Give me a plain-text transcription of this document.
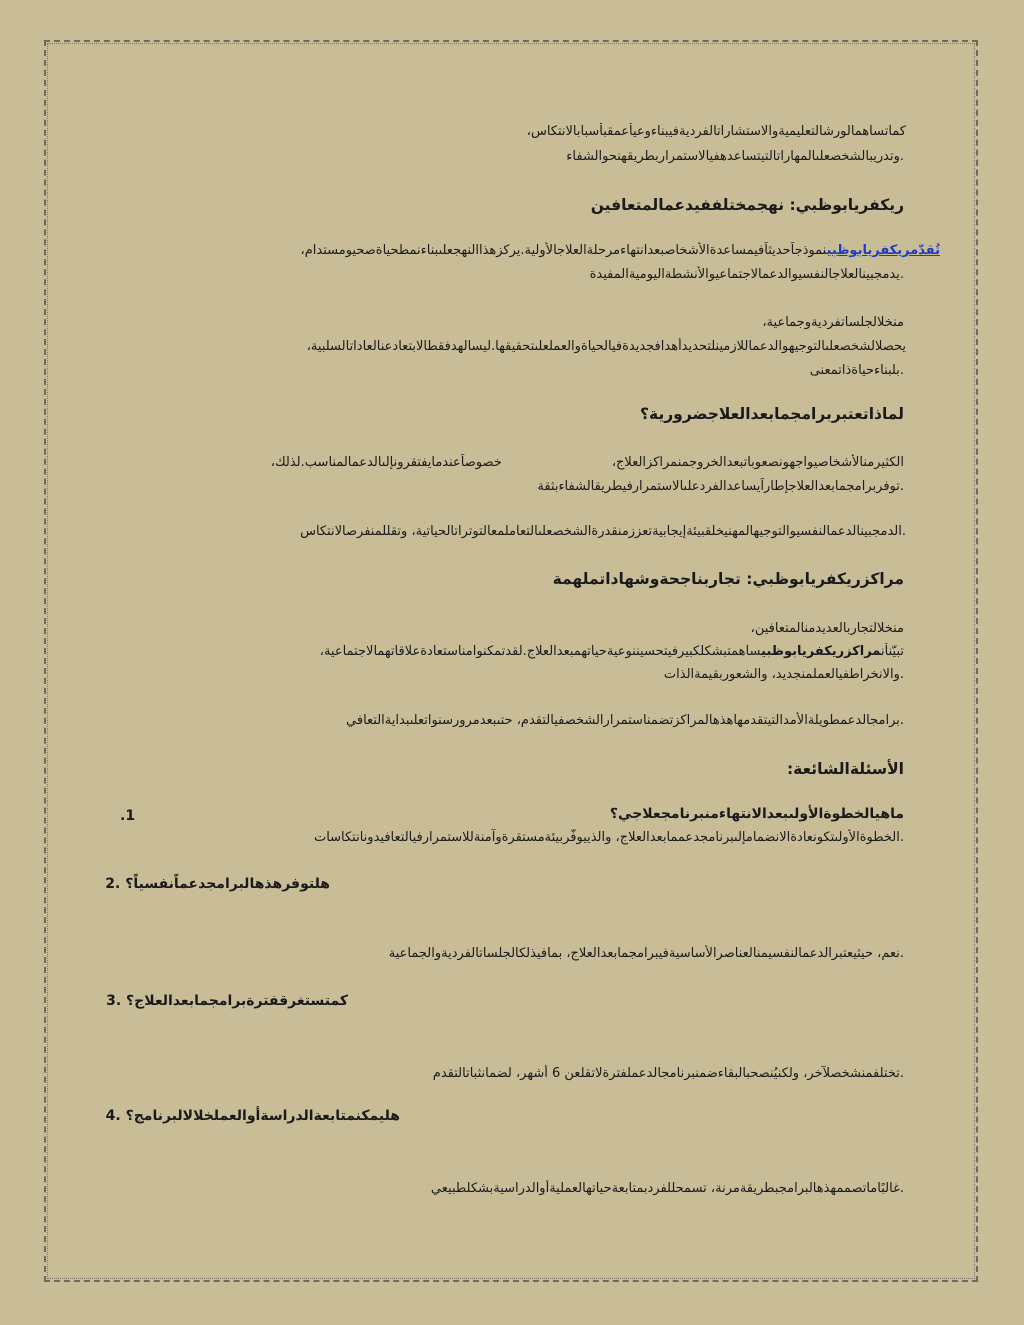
كماتساهمالورشالتعليميةوالاستشاراتالفرديةفيبناءوعيأعمقبأسبابالانتكاس،
.وتدريبالشخصعلىالمهاراتالتيتساعدهفيالاستمراربطريقهنحوالشفاء
ريكفريابوظبي: نهجمختلففيدعمالمتعافين
تُقدّمريكفريابوظبينموذجاًحديثاًفيمساعدةالأشخاصبعدانتهاءمرحلةالعلاجالأولية.يركزهذاالنهجعلىبناءنمطحياةصحيومستدام،
.يدمجبينالعلاجالنفسيوالدعمالاجتماعيوالأنشطةاليوميةالمفيدة
منخلالجلساتفرديةوجماعية،
يحصلالشخصعلىالتوجيهوالدعماللازمينلتحديدأهدافجديدةفيالحياةوالعملعلىتحقيقها.ليسالهدفقطالابتعادعنالعاداتالسلبية،
.بلبناءحياةذاتمعنى
لماذاتعتبربرامجمابعدالعلاجضرورية؟
الكثيرمنالأشخاصيواجهونصعوباتبعدالخروجمنمراكزالعلاج،خصوصاًعندمايفتقرونإلىالدعمالمناسب.لذلك،
.توفربرامجمابعدالعلاجإطاراًيساعدالفردعلىالاستمرارفيطريقالشفاءبثقة
.الدمجبينالدعمالنفسيوالتوجيهالمهنيخلقبيئةإيجابيةتعززمنقدرةالشخصعلىالتعاملمعالتوتراتالحياتية، وتقللمنفرصالانتكاس
مراكزريكفريابوظبي: تجاربناجحةوشهاداتملهمة
منخلالتجاربالعديدمنالمتعافين،
تبيّنأنمراكزريكفريابوظبيساهمتبشكلكبيرفيتحسيننوعيةحياتهمبعدالعلاج.لقدتمكنوامناستعادةعلاقاتهمالاجتماعية،
.والانخراطفيالعملمنجديد، والشعوربقيمةالذات
.برامجالدعمطويلةالأمدالتيتقدمهاهذهالمراكزتضمناستمرارالشخصفيالتقدم، حتىبعدمرورسنواتعلىبدايةالتعافي
الأسئلةالشائعة:
ماهيالخطوةالأولىبعدالانتهاءمنبرنامجعلاجي؟
1.
.الخطوةالأولىتكونعادةالانضمامإلىبرنامجدعممابعدالعلاج، والذييوفّربيئةمستقرةوآمنةللاستمرارفيالتعافيدونانتكاسات
هلتوفرهذهالبرامجدعماًنفسياً؟ .2
.نعم، حيثيعتبرالدعمالنفسيمنالعناصرالأساسيةفيبرامجمابعدالعلاج، بمافيذلكالجلساتالفرديةوالجماعية
كمتستغرقفترةبرامجمابعدالعلاج؟ .3
.تختلفمنشخصلآخر، ولكنيُنصحبالبقاءضمنبرنامجالدعملفترةلاتقلعن 6 أشهر، لضمانثباتالتقدم
هليمكنمتابعةالدراسةأوالعملخلالالبرنامج؟ .4
.غالبًاماتصممهذهالبرامجبطريقةمرنة، تسمحللفردبمتابعةحياتهالعمليةأوالدراسيةبشكلطبيعي
